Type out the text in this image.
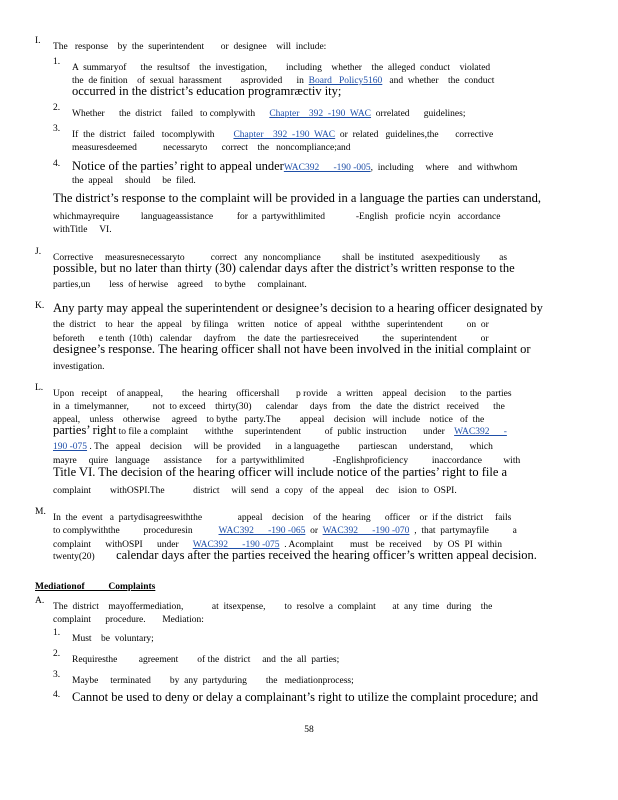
I.
The   response    by  the  superintendent       or  designee    will  include:
1.
A  summaryof      the  resultsof    the  investigation,        including    whether    the  alleged  conduct    violated
the  de finition    of  sexual  harassment        asprovided      in  Board   Policy5160   and  whether    the  conduct
occurred in the district’s education programræctiv ity;
2.
Whether      the  district    failed   to complywith      Chapter    392  -190  WAC  orrelated      guidelines;
3.
If  the  district   failed   tocomplywith        Chapter    392  -190  WAC  or  related   guidelines,the       corrective
measuresdeemed           necessaryto      correct    the   noncompliance;and
4. Notice of the parties’ right to appeal underWAC392      -190 -005,  including     where    and  withwhom
the  appeal     should     be  filed.
The district’s response to the complaint will be provided in a language the parties can understand,
whichmayrequire         languageassistance          for  a  partywithlimited             -English   proficie  ncyin   accordance
withTitle     VI.
J.
Corrective     measuresnecessaryto           correct   any  noncompliance         shall  be  instituted   asexpeditiously        as
possible, but no later than thirty (30) calendar days after the district’s written response to the
parties,un        less  of herwise    agreed     to bythe     complainant.
K. Any party may appeal the superintendent or designee’s decision to a hearing officer designated by
the  district    to  hear   the  appeal    by filinga    written    notice   of  appeal    withthe   superintendent          on  or
beforeth      e tenth  (10th)   calendar     dayfrom     the  date  the  partiesreceived          the   superintendent          or
designee’s response. The hearing officer shall not have been involved in the initial complaint or
investigation.
L.
Upon   receipt    of anappeal,        the  hearing    officershall       p rovide    a  written    appeal   decision      to the  parties
in  a  timelymanner,          not  to exceed    thirty(30)      calendar     days  from    the  date  the  district   received      the
appeal,    unless    otherwise     agreed    to bythe   party.The        appeal    decision   will  include    notice   of  the
parties’ right to file a complaint       withthe     superintendent          of  public  instruction       under    WAC392      -
190 -075 . The   appeal    decision     will  be  provided      in  a languagethe        partiescan     understand,       which
mayre     quire   language      assistance      for  a  partywithlimited            -Englishproficiency          inaccordance         with
Title VI. The decision of the hearing officer will include notice of the parties’ right to file a
complaint        withOSPI.The            district     will  send   a  copy   of  the  appeal     dec    ision  to  OSPI.
M.
In  the  event   a  partydisagreeswiththe               appeal    decision    of  the  hearing      officer    or  if the  district     fails
to complywiththe          proceduresin           WAC392      -190 -065  or  WAC392      -190 -070  ,  that  partymayfile          a
complaint      withOSPI      under      WAC392      -190 -075  . Acomplaint       must   be  received     by  OS  PI  within
twenty(20)         calendar days after the parties received the hearing officer’s written appeal decision.
Mediationof          Complaints
A.
The  district    mayoffermediation,            at  itsexpense,        to  resolve  a  complaint       at  any  time   during    the
complaint      procedure.       Mediation:
1.
Must    be  voluntary;
2.
Requiresthe         agreement        of the  district     and  the  all  parties;
3.
Maybe     terminated        by  any  partyduring        the   mediationprocess;
4. Cannot be used to deny or delay a complainant’s right to utilize the complaint procedure; and
58
